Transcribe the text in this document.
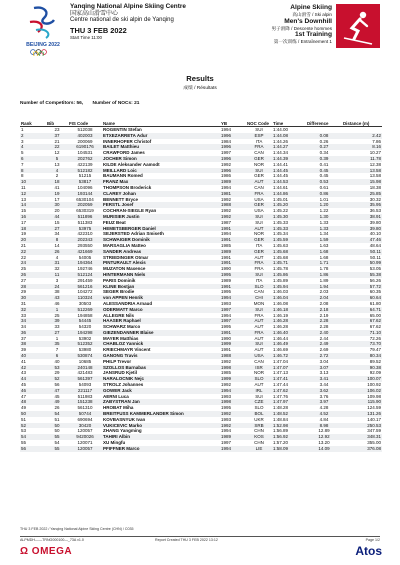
BEIJING 2022
Yanqing National Alpine Skiing Centre
国家高山滑雪中心
Centre national de ski alpin de Yanqing
THU 3 FEB 2022
Start Time 11:00
Alpine Skiing
高山滑雪 / Ski alpin
Men's Downhill
男子滑降 / Descente hommes
1st Training
第一次训练 / Entraînement 1
Results
成绩 / Résultats
Number of Competitors: 56, Number of NOCs: 21
Rank	Bib	FIS Code	Name	YB	NOC Code	Time	Difference	Distance (m)
1	23	512038	ROGENTIN Stefan	1994	SUI	1:44.00		
2	37	402003	ETXEZARRETA Adur	1996	ESP	1:44.08	0.08	2.42
3	21	200069	INNERHOFER Christof	1984	ITA	1:44.26	0.26	7.86
4	22	6190176	BAILET Matthieu	1996	FRA	1:44.27	0.27	8.16
5	12	104531	CRAWFORD James	1997	CAN	1:44.34	0.34	10.27
6	5	202762	JOCHER Simon	1996	GER	1:44.39	0.39	11.78
7	13	422139	KILDE Aleksander Aamodt	1992	NOR	1:44.41	0.41	12.38
8	4	512182	MEILLARD Loic	1996	SUI	1:44.45	0.45	13.58
8	2	51215	BAUMANN Romed	1986	GER	1:44.45	0.45	13.58
10	18	53817	FRANZ Max	1989	AUT	1:44.53	0.53	15.98
11	41	104096	THOMPSON Broderick	1994	CAN	1:44.61	0.61	18.38
12	19	193144	CLAREY Johan	1981	FRA	1:44.86	0.86	25.85
13	17	6530104	BENNETT Bryce	1992	USA	1:45.01	1.01	30.32
14	30	202059	FERSTL Josef	1988	GER	1:45.20	1.20	35.95
15	20	6530319	COCHRAN-SIEGLE Ryan	1992	USA	1:45.22	1.22	36.53
16	44	511896	MURISIER Justin	1992	SUI	1:45.30	1.30	38.91
17	15	511383	FEUZ Beat	1987	SUI	1:45.33	1.33	39.80
18	27	53975	HEMETSBERGER Daniel	1991	AUT	1:45.33	1.33	39.80
19	34	422310	SEJERSTED Adrian Smiseth	1994	NOR	1:45.34	1.34	40.10
20	8	202343	SCHWAIGER Dominik	1991	GER	1:45.59	1.59	47.46
21	14	293550	MARSAGLIA Matteo	1985	ITA	1:45.63	1.63	48.64
22	26	421669	SANDER Andreas	1989	GER	1:45.68	1.68	50.11
22	4	54005	STRIEDINGER Otmar	1991	AUT	1:45.68	1.68	50.11
24	31	194364	PINTURAULT Alexis	1991	FRA	1:45.71	1.71	50.99
25	32	192746	MUZATON Maxence	1990	FRA	1:45.78	1.78	53.05
26	11	512124	HINTERMANN Niels	1995	SUI	1:45.86	1.86	55.38
27	3	291459	PARIS Dominik	1989	ITA	1:45.89	1.89	56.26
28	24	561216	KLINE Bostjan	1991	SLO	1:45.94	1.94	57.72
29	38	104272	SEGER Brodie	1995	CAN	1:46.03	2.03	60.35
30	43	110324	von APPEN Henrik	1994	CHI	1:46.04	2.04	60.64
31	46	30503	ALESSANDRIA Arnaud	1993	MON	1:46.08	2.08	61.80
32	1	512269	ODERMATT Marco	1997	SUI	1:46.18	2.18	64.71
33	25	194858	ALLEGRE Nils	1994	FRA	1:46.19	2.19	65.00
34	39	54445	HAASER Raphael	1997	AUT	1:46.28	2.28	67.62
34	33	54320	SCHWARZ Marco	1995	AUT	1:46.28	2.28	67.62
36	27	194298	GIEZENDANNER Blaise	1991	FRA	1:46.40	2.40	71.10
37	1	53902	MAYER Matthias	1990	AUT	1:46.44	2.44	72.26
38	35	512352	CHABLOZ Yannick	1999	SUI	1:46.49	2.49	73.70
39	7	53980	KRIECHMAYR Vincent	1991	AUT	1:46.69	2.69	79.47
40	6	530874	GANONG Travis	1988	USA	1:46.72	2.72	80.34
41	40	10685	PHILP Trevor	1992	CAN	1:47.04	3.04	89.52
42	53	240148	SZOLLOS Barnabas	1998	ISR	1:47.07	3.07	90.38
43	29	421483	JANSRUD Kjetil	1985	NOR	1:47.13	3.13	92.09
44	52	561397	NARALOCNIK Nejc	1999	SLO	1:47.41	3.41	100.07
45	56	54093	STROLZ Johannes	1992	AUT	1:47.44	3.44	100.92
46	47	221117	GOWER Jack	1994	IRL	1:47.62	3.62	106.02
47	45	511983	AERNI Luca	1993	SUI	1:47.76	3.76	109.98
48	49	151238	ZABYSTRAN Jan	1998	CZE	1:47.97	3.97	115.90
49	26	561310	HROBAT Miha	1995	SLO	1:48.28	4.28	124.59
50	54	50744	BREITFUSS KAMMERLANDER Simon	1992	BOL	1:48.52	4.52	131.26
51	51	690694	KOVBASNYUK Ivan	1993	UKR	1:48.84	4.84	140.17
52	50	30420	VUKICEVIC Marko	1992	SRB	1:52.98	8.98	250.53
53	50	120057	ZHANG Yangming	1994	CHN	1:56.89	12.89	347.59
54	55	9420026	TAHIRI Albin	1989	KOS	1:56.92	12.92	348.31
55	54	120071	XU Mingfu	1997	CHN	1:57.20	13.20	355.00
56	55	120057	PFIFFNER Marco	1994	LIE	1:58.09	14.09	376.08
THU 3 FEB 2022 / Yanqing National Alpine Skiing Centre (CHN) / C035
ALPMDH——TRNG000100—_73A v1.0	Report Created THU 3 FEB 2022 13:12	Page 1/2
Ω OMEGA	Atos
